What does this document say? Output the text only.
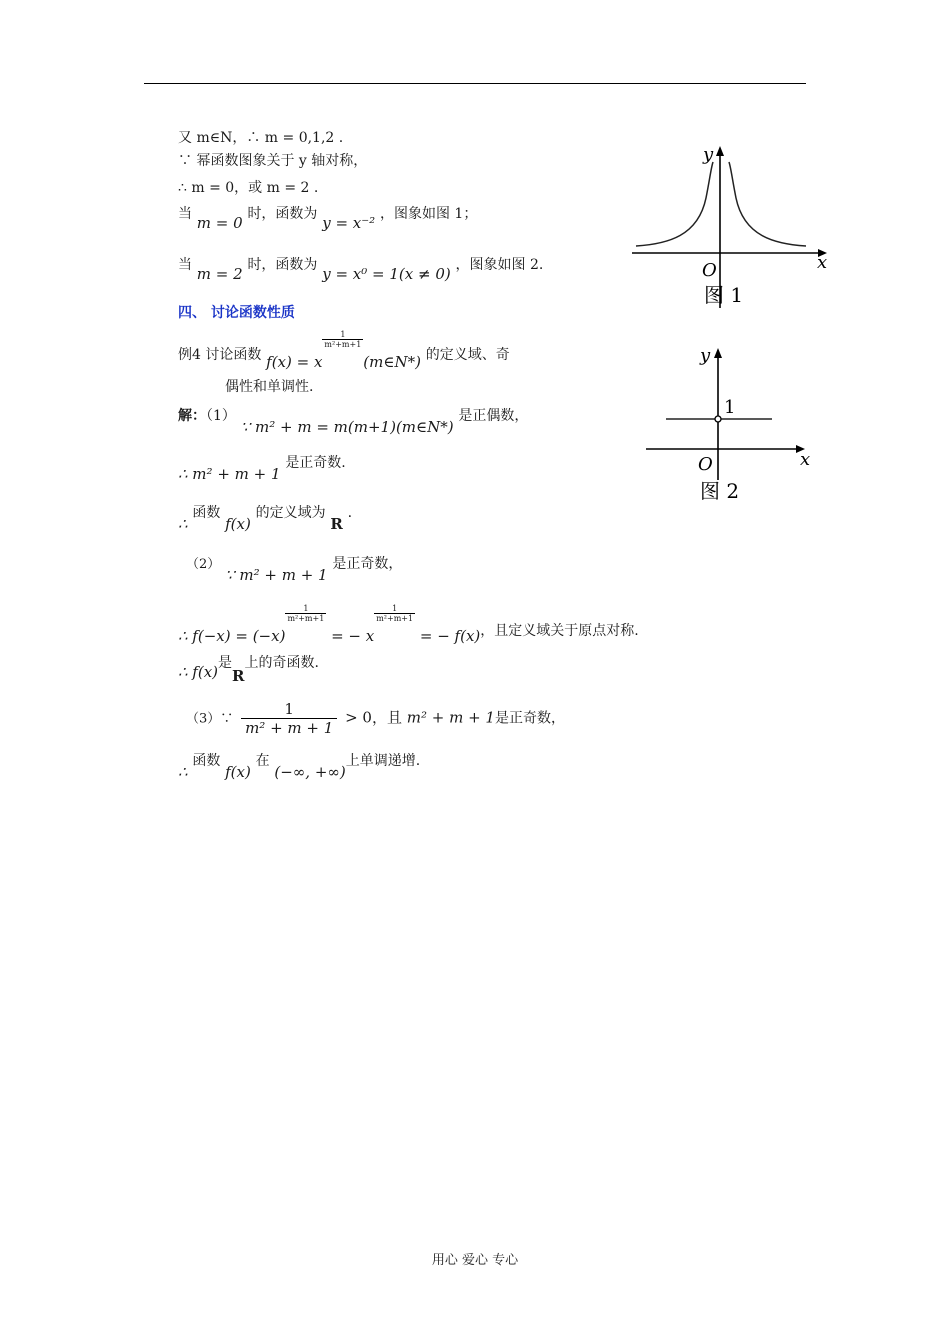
又 m∈N，∴ m = 0,1,2 .
∵ 幂函数图象关于 y 轴对称，
∴ m = 0，或 m = 2 .
当 m = 0 时，函数为 y = x⁻² ，图象如图 1；
当 m = 2 时，函数为 y = x⁰ = 1(x ≠ 0) ，图象如图 2.
四、 讨论函数性质
例4 讨论函数 f(x) = x
$\frac{1}{\text{m²+m+1}}$
(m∈N*) 的定义域、奇
偶性和单调性.
解：（1） ∵ m² + m = m(m+1)(m∈N*) 是正偶数，
∴ m² + m + 1 是正奇数.
∴ 函数 f(x) 的定义域为 R .
（2） ∵ m² + m + 1 是正奇数，
∴ f(−x) = (−x)
$\frac{1}{\text{m²+m+1}}$
= − x
$\frac{1}{\text{m²+m+1}}$
= − f(x)，且定义域关于原点对称.
∴ f(x)是R上的奇函数.
（3）∵ $\frac{1}{\text{m² + m + 1}} > 0$，且 m² + m + 1是正奇数，
∴ 函数 f(x) 在 (−∞, +∞)上单调递增.
y
x
O
图 1
y
1
x
O
图 2
用心 爱心 专心
